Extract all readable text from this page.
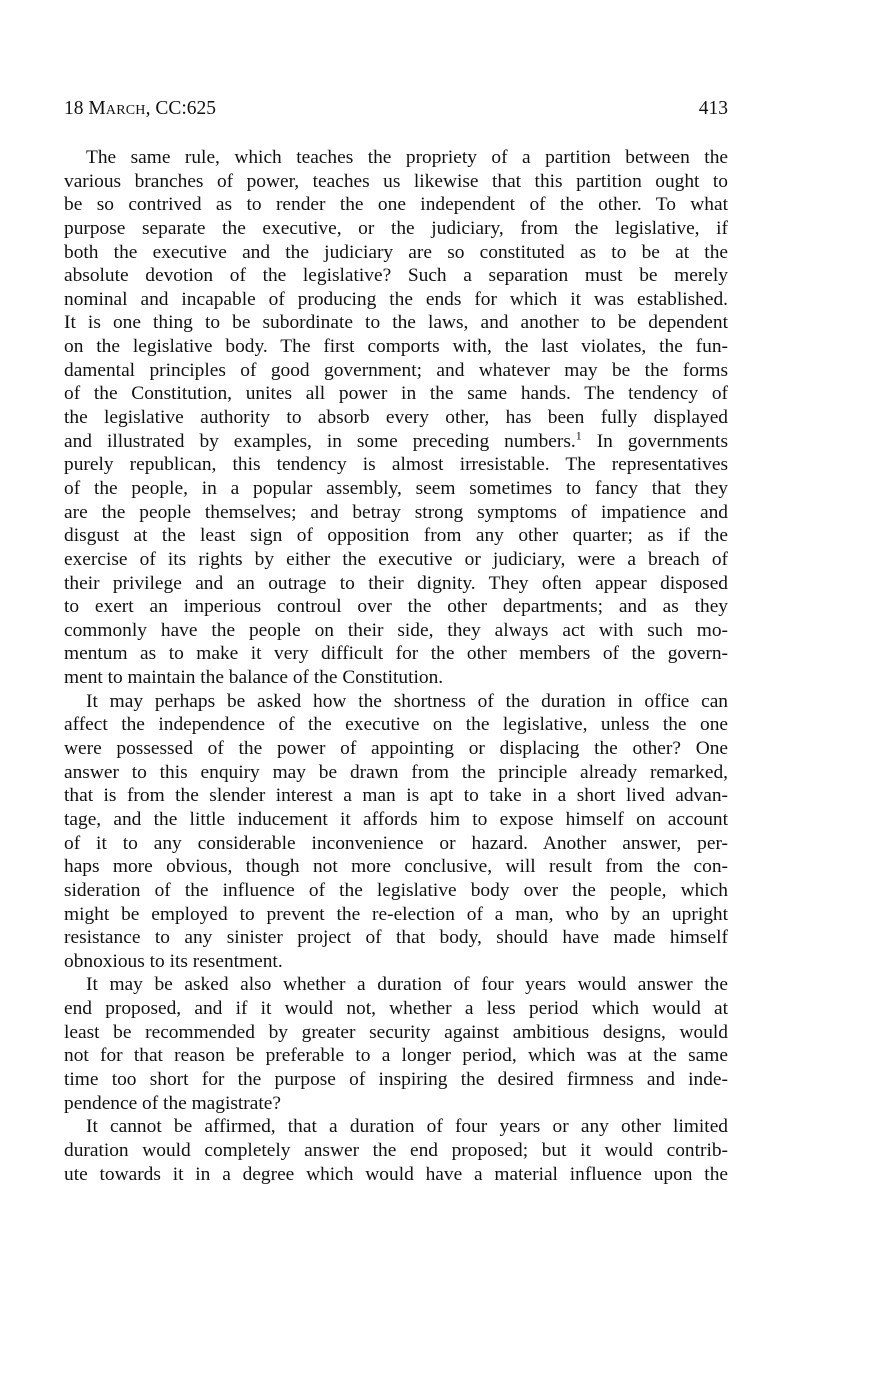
18 March, CC:625	413
The same rule, which teaches the propriety of a partition between the
various branches of power, teaches us likewise that this partition ought to
be so contrived as to render the one independent of the other. To what
purpose separate the executive, or the judiciary, from the legislative, if
both the executive and the judiciary are so constituted as to be at the
absolute devotion of the legislative? Such a separation must be merely
nominal and incapable of producing the ends for which it was established.
It is one thing to be subordinate to the laws, and another to be dependent
on the legislative body. The first comports with, the last violates, the fun-
damental principles of good government; and whatever may be the forms
of the Constitution, unites all power in the same hands. The tendency of
the legislative authority to absorb every other, has been fully displayed
and illustrated by examples, in some preceding numbers.$^1$ In governments
purely republican, this tendency is almost irresistable. The representatives
of the people, in a popular assembly, seem sometimes to fancy that they
are the people themselves; and betray strong symptoms of impatience and
disgust at the least sign of opposition from any other quarter; as if the
exercise of its rights by either the executive or judiciary, were a breach of
their privilege and an outrage to their dignity. They often appear disposed
to exert an imperious controul over the other departments; and as they
commonly have the people on their side, they always act with such mo-
mentum as to make it very difficult for the other members of the govern-
ment to maintain the balance of the Constitution.
It may perhaps be asked how the shortness of the duration in office can
affect the independence of the executive on the legislative, unless the one
were possessed of the power of appointing or displacing the other? One
answer to this enquiry may be drawn from the principle already remarked,
that is from the slender interest a man is apt to take in a short lived advan-
tage, and the little inducement it affords him to expose himself on account
of it to any considerable inconvenience or hazard. Another answer, per-
haps more obvious, though not more conclusive, will result from the con-
sideration of the influence of the legislative body over the people, which
might be employed to prevent the re-election of a man, who by an upright
resistance to any sinister project of that body, should have made himself
obnoxious to its resentment.
It may be asked also whether a duration of four years would answer the
end proposed, and if it would not, whether a less period which would at
least be recommended by greater security against ambitious designs, would
not for that reason be preferable to a longer period, which was at the same
time too short for the purpose of inspiring the desired firmness and inde-
pendence of the magistrate?
It cannot be affirmed, that a duration of four years or any other limited
duration would completely answer the end proposed; but it would contrib-
ute towards it in a degree which would have a material influence upon the
